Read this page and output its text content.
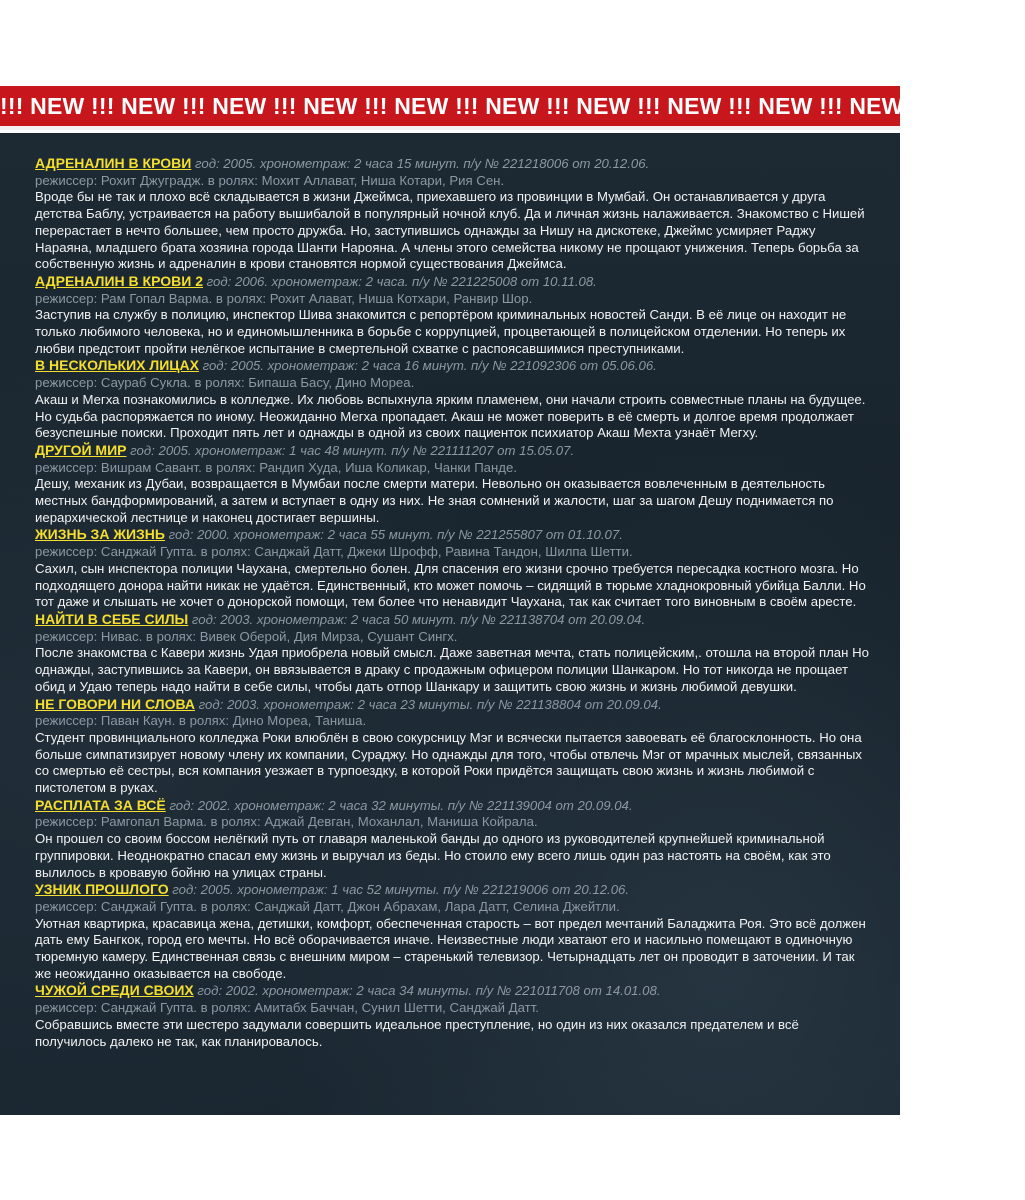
!!! NEW !!! NEW !!! NEW !!! NEW !!! NEW !!! NEW !!! NEW !!! NEW !!! NEW !!! NEW !!! NEW !!!
АДРЕНАЛИН В КРОВИ год: 2005. хронометраж: 2 часа 15 минут. п/у № 221218006 от 20.12.06.
режиссер: Рохит Джуградж. в ролях: Мохит Аллават, Ниша Котари, Рия Сен.
Вроде бы не так и плохо всё складывается в жизни Джеймса, приехавшего из провинции в Мумбай. Он останавливается у друга детства Баблу, устраивается на работу вышибалой в популярный ночной клуб. Да и личная жизнь налаживается. Знакомство с Нишей перерастает в нечто большее, чем просто дружба. Но, заступившись однажды за Нишу на дискотеке, Джеймс усмиряет Раджу Нараяна, младшего брата хозяина города Шанти Нарояна. А члены этого семейства никому не прощают унижения. Теперь борьба за собственную жизнь и адреналин в крови становятся нормой существования Джеймса.
АДРЕНАЛИН В КРОВИ 2 год: 2006. хронометраж: 2 часа. п/у № 221225008 от 10.11.08.
режиссер: Рам Гопал Варма. в ролях: Рохит Алават, Ниша Котхари, Ранвир Шор.
Заступив на службу в полицию, инспектор Шива знакомится с репортёром криминальных новостей Санди. В её лице он находит не только любимого человека, но и единомышленника в борьбе с коррупцией, процветающей в полицейском отделении. Но теперь их любви предстоит пройти нелёгкое испытание в смертельной схватке с распоясавшимися преступниками.
В НЕСКОЛЬКИХ ЛИЦАХ год: 2005. хронометраж: 2 часа 16 минут. п/у № 221092306 от 05.06.06.
режиссер: Саураб Сукла. в ролях: Бипаша Басу, Дино Мореа.
Акаш и Мегха познакомились в колледже. Их любовь вспыхнула ярким пламенем, они начали строить совместные планы на будущее. Но судьба распоряжается по иному. Неожиданно Мегха пропадает. Акаш не может поверить в её смерть и долгое время продолжает безуспешные поиски. Проходит пять лет и однажды в одной из своих пациенток психиатор Акаш Мехта узнаёт Мегху.
ДРУГОЙ МИР год: 2005. хронометраж: 1 час 48 минут. п/у № 221111207 от 15.05.07.
режиссер: Вишрам Савант. в ролях: Рандип Худа, Иша Коликар, Чанки Панде.
Дешу, механик из Дубаи, возвращается в Мумбаи после смерти матери. Невольно он оказывается вовлеченным в деятельность местных бандформирований, а затем и вступает в одну из них. Не зная сомнений и жалости, шаг за шагом Дешу поднимается по иерархической лестнице и наконец достигает вершины.
ЖИЗНЬ ЗА ЖИЗНЬ год: 2000. хронометраж: 2 часа 55 минут. п/у № 221255807 от 01.10.07.
режиссер: Санджай Гупта. в ролях: Санджай Датт, Джеки Шрофф, Равина Тандон, Шилпа Шетти.
Сахил, сын инспектора полиции Чаухана, смертельно болен. Для спасения его жизни срочно требуется пересадка костного мозга. Но подходящего донора найти никак не удаётся. Единственный, кто может помочь – сидящий в тюрьме хладнокровный убийца Балли. Но тот даже и слышать не хочет о донорской помощи, тем более что ненавидит Чаухана, так как считает того виновным в своём аресте.
НАЙТИ В СЕБЕ СИЛЫ год: 2003. хронометраж: 2 часа 50 минут. п/у № 221138704 от 20.09.04.
режиссер: Нивас. в ролях: Вивек Оберой, Дия Мирза, Сушант Сингх.
После знакомства с Кавери жизнь Удая приобрела новый смысл. Даже заветная мечта, стать полицейским,. отошла на второй план Но однажды, заступившись за Кавери, он ввязывается в драку с продажным офицером полиции Шанкаром. Но тот никогда не прощает обид и Удаю теперь надо найти в себе силы, чтобы дать отпор Шанкару и защитить свою жизнь и жизнь любимой девушки.
НЕ ГОВОРИ НИ СЛОВА год: 2003. хронометраж: 2 часа 23 минуты. п/у № 221138804 от 20.09.04.
режиссер: Паван Каун. в ролях: Дино Мореа, Таниша.
Студент провинциального колледжа Роки влюблён в свою сокурсницу Мэг и всячески пытается завоевать её благосклонность. Но она больше симпатизирует новому члену их компании, Сураджу. Но однажды для того, чтобы отвлечь Мэг от мрачных мыслей, связанных со смертью её сестры, вся компания уезжает в турпоездку, в которой Роки придётся защищать свою жизнь и жизнь любимой с пистолетом в руках.
РАСПЛАТА ЗА ВСЁ год: 2002. хронометраж: 2 часа 32 минуты. п/у № 221139004 от 20.09.04.
режиссер: Рамгопал Варма. в ролях: Аджай Девган, Моханлал, Маниша Койрала.
Он прошел со своим боссом нелёгкий путь от главаря маленькой банды до одного из руководителей крупнейшей криминальной группировки. Неоднократно спасал ему жизнь и выручал из беды. Но стоило ему всего лишь один раз настоять на своём, как это вылилось в кровавую бойню на улицах страны.
УЗНИК ПРОШЛОГО год: 2005. хронометраж: 1 час 52 минуты. п/у № 221219006 от 20.12.06.
режиссер: Санджай Гупта. в ролях: Санджай Датт, Джон Абрахам, Лара Датт, Селина Джейтли.
Уютная квартирка, красавица жена, детишки, комфорт, обеспеченная старость – вот предел мечтаний Баладжита Роя. Это всё должен дать ему Бангкок, город его мечты. Но всё оборачивается иначе. Неизвестные люди хватают его и насильно помещают в одиночную тюремную камеру. Единственная связь с внешним миром – старенький телевизор. Четырнадцать лет он проводит в заточении. И так же неожиданно оказывается на свободе.
ЧУЖОЙ СРЕДИ СВОИХ год: 2002. хронометраж: 2 часа 34 минуты. п/у № 221011708 от 14.01.08.
режиссер: Санджай Гупта. в ролях: Амитабх Баччан, Сунил Шетти, Санджай Датт.
Собравшись вместе эти шестеро задумали совершить идеальное преступление, но один из них оказался предателем и всё получилось далеко не так, как планировалось.
